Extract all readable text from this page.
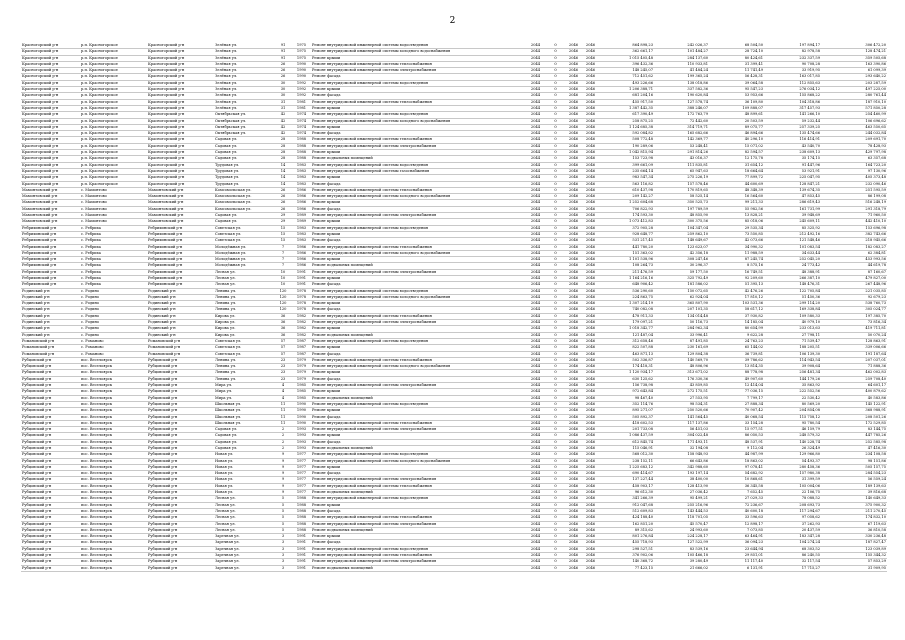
2
Красногорский р-н	р.п. Красногорское	Красногорский р-н	Зелёная ул.	91	1975	Ремонт внутридомовой инженерной системы водоотведения	2044	0	2046	2046	864 898,23	242 026,37	68 504,50	197 894,17	306 472,20
Красногорский р-н	р.п. Красногорское	Красногорский р-н	Зелёная ул.	91	1975	Ремонт внутридомовой инженерной системы холодного водоснабжения	2044	0	2046	2046	362 661,17	101 484,27	28 724,10	82 978,58	128 474,21
Красногорский р-н	р.п. Красногорское	Красногорский р-н	Зелёная ул.	91	1975	Ремонт крыши	2044	0	2046	2046	1 015 405,48	284 137,60	80 424,61	232 337,59	359 505,68
Красногорский р-н	р.п. Красногорское	Красногорский р-н	Зелёная ул.	26	1990	Ремонт внутридомовой инженерной системы теплоснабжения	2044	0	2046	2046	396 432,36	110 933,81	31 399,41	90 708,28	163 390,86
Красногорский р-н	р.п. Красногорское	Красногорский р-н	Зелёная ул.	26	1990	Ремонт внутридомовой инженерной системы электроснабжения	2044	0	2046	2046	148 245,07	41 484,24	11 741,49	33 919,95	61 099,39
Красногорский р-н	р.п. Красногорское	Красногорский р-н	Зелёная ул.	26	1990	Ремонт фасада	2044	0	2046	2046	712 451,62	199 365,24	56 428,31	163 017,85	293 640,22
Красногорский р-н	р.п. Красногорское	Красногорский р-н	Зелёная ул.	30	1992	Ремонт внутридомовой инженерной системы водоотведения	2044	0	2046	2046	493 226,66	138 018,86	39 064,58	112 855,63	203 287,59
Красногорский р-н	р.п. Красногорское	Красногорский р-н	Зелёная ул.	30	1992	Ремонт крыши	2044	0	2046	2046	1 206 388,71	337 582,36	95 547,23	276 034,12	497 225,00
Красногорский р-н	р.п. Красногорское	Красногорский р-н	Зелёная ул.	30	1992	Ремонт фасада	2044	0	2046	2046	681 204,16	190 620,84	53 953,66	155 868,22	280 761,44
Красногорский р-н	р.п. Красногорское	Красногорский р-н	Зелёная ул.	31	1981	Ремонт внутридомовой инженерной системы теплоснабжения	2044	0	2046	2046	455 917,50	127 578,74	36 109,80	104 318,86	187 910,10
Красногорский р-н	р.п. Красногорское	Красногорский р-н	Зелёная ул.	31	1981	Ремонт крыши	2044	0	2046	2046	1 387 442,35	388 246,07	109 888,07	317 457,93	571 850,28
Красногорский р-н	р.п. Красногорское	Красногорский р-н	Октябрьская ул.	42	1974	Ремонт внутридомовой инженерной системы водоотведения	2044	0	2046	2046	617 390,49	172 763,79	48 899,61	141 266,10	254 460,99
Красногорский р-н	р.п. Красногорское	Красногорский р-н	Октябрьская ул.	42	1974	Ремонт внутридомовой инженерной системы холодного водоснабжения	2044	0	2046	2046	258 875,25	72 442,60	20 503,59	59 232,44	106 696,62
Красногорский р-н	р.п. Красногорское	Красногорский р-н	Октябрьская ул.	42	1974	Ремонт крыши	2044	0	2046	2046	1 124 685,38	314 719,71	89 075,77	257 339,25	463 550,65
Красногорский р-н	р.п. Красногорское	Красногорский р-н	Октябрьская ул.	42	1974	Ремонт фасада	2044	0	2046	2046	592 084,82	165 682,66	46 894,66	135 474,66	244 032,84
Красногорский р-н	р.п. Красногорское	Красногорский р-н	Садовая ул.	28	1988	Ремонт внутридомовой инженерной системы теплоснабжения	2044	0	2046	2046	508 772,48	142 369,77	40 296,10	116 414,91	209 691,70
Красногорский р-н	р.п. Красногорское	Красногорский р-н	Садовая ул.	28	1988	Ремонт внутридомовой инженерной системы электроснабжения	2044	0	2046	2046	190 289,06	53 248,41	15 071,02	43 540,70	78 428,93
Красногорский р-н	р.п. Красногорское	Красногорский р-н	Садовая ул.	28	1988	Ремонт крыши	2044	0	2046	2046	1 042 815,94	291 814,26	82 594,57	238 609,13	429 797,98
Красногорский р-н	р.п. Красногорское	Красногорский р-н	Садовая ул.	28	1988	Ремонт подвальных помещений	2044	0	2046	2046	153 723,98	43 016,37	12 175,78	35 174,15	63 357,68
Красногорский р-н	р.п. Красногорское	Красногорский р-н	Трудовая ул.	14	1983	Ремонт внутридомовой инженерной системы водоотведения	2044	0	2046	2046	399 661,09	111 835,81	31 654,12	91 447,96	164 723,20
Красногорский р-н	р.п. Красногорское	Красногорский р-н	Трудовая ул.	14	1983	Ремонт внутридомовой инженерной системы газоснабжения	2044	0	2046	2046	235 664,14	65 947,63	18 664,64	53 921,91	97 130,96
Красногорский р-н	р.п. Красногорское	Красногорский р-н	Трудовая ул.	14	1983	Ремонт крыши	2044	0	2046	2046	983 547,34	275 226,19	77 899,72	225 047,95	405 373,48
Красногорский р-н	р.п. Красногорское	Красногорский р-н	Трудовая ул.	14	1983	Ремонт фасада	2044	0	2046	2046	563 116,82	157 578,46	44 600,69	128 847,21	232 090,46
Мамонтовский р-н	с. Мамонтово	Мамонтовский р-н	Комсомольская ул.	26	1986	Ремонт внутридомовой инженерной системы теплоснабжения	2044	0	2046	2046	610 437,98	170 819,65	48 348,39	139 674,35	251 595,59
Мамонтовский р-н	с. Мамонтово	Мамонтовский р-н	Комсомольская ул.	26	1986	Ремонт внутридомовой инженерной системы холодного водоснабжения	2044	0	2046	2046	209 142,27	58 525,14	16 564,60	47 853,45	86 199,08
Мамонтовский р-н	с. Мамонтово	Мамонтовский р-н	Комсомольская ул.	26	1986	Ремонт крыши	2044	0	2046	2046	1 252 604,68	350 525,73	99 211,33	286 619,43	516 248,19
Мамонтовский р-н	с. Мамонтово	Мамонтовский р-н	Комсомольская ул.	26	1986	Ремонт фасада	2044	0	2046	2046	706 822,93	197 789,59	55 982,56	161 731,99	291 318,79
Мамонтовский р-н	с. Мамонтово	Мамонтовский р-н	Садовая ул.	29	1989	Ремонт внутридомовой инженерной системы электроснабжения	2044	0	2046	2046	174 593,30	48 855,90	13 828,21	39 948,69	71 960,50
Мамонтовский р-н	с. Мамонтово	Мамонтовский р-н	Садовая ул.	29	1989	Ремонт крыши	2044	0	2046	2046	1 073 412,83	300 375,56	85 018,06	245 609,11	442 410,10
Ребрихинский р-н	с. Ребриха	Ребрихинский р-н	Советская ул.	15	1983	Ремонт внутридомовой инженерной системы водоотведения	2044	0	2046	2046	372 905,28	104 347,04	29 535,34	85 325,92	153 696,98
Ребрихинский р-н	с. Ребриха	Ребрихинский р-н	Советская ул.	15	1983	Ремонт крыши	2044	0	2046	2046	928 648,77	259 862,10	73 550,85	212 492,16	382 743,66
Ребрихинский р-н	с. Ребриха	Ребрихинский р-н	Советская ул.	15	1983	Ремонт фасада	2044	0	2046	2046	531 217,45	148 649,67	42 073,66	121 548,46	218 945,66
Ребрихинский р-н	с. Ребриха	Ребрихинский р-н	Молодёжная ул.	7	1986	Ремонт внутридомовой инженерной системы теплоснабжения	2044	0	2046	2046	441 780,20	123 623,07	34 990,32	101 083,54	182 083,27
Ребрихинский р-н	с. Ребриха	Ребрихинский р-н	Молодёжная ул.	7	1986	Ремонт внутридомовой инженерной системы холодного водоснабжения	2044	0	2046	2046	151 363,02	42 356,18	11 988,59	34 633,44	62 384,81
Ребрихинский р-н	с. Ребриха	Ребрихинский р-н	Молодёжная ул.	7	1986	Ремонт крыши	2044	0	2046	2046	1 101 538,96	308 247,46	87 245,74	252 045,20	453 993,56
Ребрихинский р-н	с. Ребриха	Ребрихинский р-н	Молодёжная ул.	7	1986	Ремонт подвальных помещений	2044	0	2046	2046	108 264,73	30 296,37	8 575,16	24 773,42	44 619,78
Ребрихинский р-н	с. Ребриха	Ребрихинский р-н	Лесная ул.	10	1991	Ремонт внутридомовой инженерной системы электроснабжения	2044	0	2046	2046	211 476,59	59 177,50	16 749,51	48 388,91	87 160,67
Ребрихинский р-н	с. Ребриха	Ребрихинский р-н	Лесная ул.	10	1991	Ремонт крыши	2044	0	2046	2046	1 164 216,16	325 792,49	92 209,60	266 387,10	479 827,00
Ребрихинский р-н	с. Ребриха	Ребрихинский р-н	Лесная ул.	10	1991	Ремонт фасада	2044	0	2046	2046	648 906,42	181 586,02	51 395,13	148 476,31	267 448,96
Родинский р-н	с. Родино	Родинский р-н	Ленина ул.	120	1978	Ремонт внутридомовой инженерной системы водоотведения	2044	0	2046	2046	536 290,60	150 072,65	42 476,26	122 705,84	221 035,85
Родинский р-н	с. Родино	Родинский р-н	Ленина ул.	120	1978	Ремонт внутридомовой инженерной системы холодного водоснабжения	2044	0	2046	2046	224 863,75	62 924,04	17 810,12	51 450,36	92 679,23
Родинский р-н	с. Родино	Родинский р-н	Ленина ул.	120	1978	Ремонт крыши	2044	0	2046	2046	1 307 214,19	365 807,90	103 531,36	299 114,20	538 760,73
Родинский р-н	с. Родино	Родинский р-н	Ленина ул.	120	1978	Ремонт фасада	2044	0	2046	2046	740 082,08	207 101,35	58 617,12	169 338,84	305 024,77
Родинский р-н	с. Родино	Родинский р-н	Кирова ул.	36	1982	Ремонт внутридомовой инженерной системы теплоснабжения	2044	0	2046	2046	478 911,33	134 014,48	37 930,82	109 580,33	197 385,70
Родинский р-н	с. Родино	Родинский р-н	Кирова ул.	36	1982	Ремонт внутридомовой инженерной системы электроснабжения	2044	0	2046	2046	179 097,21	50 116,73	14 185,04	40 979,10	73 816,34
Родинский р-н	с. Родино	Родинский р-н	Кирова ул.	36	1982	Ремонт крыши	2044	0	2046	2046	1 018 342,77	284 962,34	80 654,99	233 013,63	419 711,81
Родинский р-н	с. Родино	Родинский р-н	Кирова ул.	36	1982	Ремонт подвальных помещений	2044	0	2046	2046	121 487,04	33 996,41	9 622,28	27 798,11	50 070,24
Романовский р-н	с. Романово	Романовский р-н	Советская ул.	57	1987	Ремонт внутридомовой инженерной системы водоотведения	2044	0	2046	2046	312 658,46	87 491,85	24 763,23	71 539,47	128 863,91
Романовский р-н	с. Романово	Романовский р-н	Советская ул.	57	1987	Ремонт крыши	2044	0	2046	2046	822 507,88	230 161,69	65 144,02	188 205,51	339 006,66
Романовский р-н	с. Романово	Романовский р-н	Советская ул.	57	1987	Ремонт фасада	2044	0	2046	2046	463 871,13	129 804,38	36 739,81	106 139,30	191 187,64
Рубцовский р-н	пос. Веселоярск	Рубцовский р-н	Ленина ул.	23	1979	Ремонт внутридомовой инженерной системы теплоснабжения	2044	0	2046	2046	502 336,87	140 569,70	39 786,62	114 943,54	207 037,01
Рубцовский р-н	пос. Веселоярск	Рубцовский р-н	Ленина ул.	23	1979	Ремонт внутридомовой инженерной системы холодного водоснабжения	2044	0	2046	2046	174 418,31	48 806,96	13 814,35	39 908,64	71 888,36
Рубцовский р-н	пос. Веселоярск	Рубцовский р-н	Ленина ул.	23	1979	Ремонт крыши	2044	0	2046	2046	1 120 934,17	313 671,02	88 778,98	256 481,34	462 002,83
Рубцовский р-н	пос. Веселоярск	Рубцовский р-н	Ленина ул.	23	1979	Ремонт фасада	2044	0	2046	2046	630 125,62	176 330,36	49 907,60	144 179,26	259 708,40
Рубцовский р-н	пос. Веселоярск	Рубцовский р-н	Мира ул.	4	1985	Ремонт внутридомовой инженерной системы электроснабжения	2044	0	2046	2046	156 738,98	43 859,85	12 414,04	35 863,92	64 601,17
Рубцовский р-н	пос. Веселоярск	Рубцовский р-н	Мира ул.	4	1985	Ремонт крыши	2044	0	2046	2046	972 643,84	272 175,51	77 036,15	222 552,56	400 879,62
Рубцовский р-н	пос. Веселоярск	Рубцовский р-н	Мира ул.	4	1985	Ремонт подвальных помещений	2044	0	2046	2046	98 467,40	27 553,95	7 799,17	22 530,42	40 583,86
Рубцовский р-н	пос. Веселоярск	Рубцовский р-н	Школьная ул.	11	1990	Ремонт внутридомовой инженерной системы водоотведения	2044	0	2046	2046	352 114,76	98 534,31	27 888,34	80 569,20	145 122,91
Рубцовский р-н	пос. Веселоярск	Рубцовский р-н	Школьная ул.	11	1990	Ремонт крыши	2044	0	2046	2046	895 271,07	250 520,66	70 907,42	204 854,08	368 988,91
Рубцовский р-н	пос. Веселоярск	Рубцовский р-н	Школьная ул.	11	1990	Ремонт фасада	2044	0	2046	2046	505 892,37	141 564,45	40 068,54	115 758,12	208 501,26
Рубцовский р-н	пос. Веселоярск	Рубцовский р-н	Школьная ул.	11	1990	Ремонт внутридомовой инженерной системы теплоснабжения	2044	0	2046	2046	418 602,53	117 137,86	33 154,28	95 780,54	172 529,85
Рубцовский р-н	пос. Веселоярск	Рубцовский р-н	Садовая ул.	2	1993	Ремонт внутридомовой инженерной системы электроснабжения	2044	0	2046	2046	201 733,08	56 451,03	15 977,51	46 159,79	83 144,75
Рубцовский р-н	пос. Веселоярск	Рубцовский р-н	Садовая ул.	2	1993	Ремонт крыши	2044	0	2046	2046	1 086 437,59	304 022,48	86 050,53	248 579,32	447 785,26
Рубцовский р-н	пос. Веселоярск	Рубцовский р-н	Садовая ул.	2	1993	Ремонт фасада	2044	0	2046	2046	612 845,74	171 493,11	48 537,91	140 228,74	252 585,98
Рубцовский р-н	пос. Веселоярск	Рубцовский р-н	Садовая ул.	2	1993	Ремонт подвальных помещений	2044	0	2046	2046	115 046,91	32 194,08	9 112,04	26 324,49	47 416,30
Рубцовский р-н	пос. Веселоярск	Рубцовский р-н	Новая ул.	9	1977	Ремонт внутридомовой инженерной системы водоотведения	2044	0	2046	2046	568 012,30	158 948,93	44 987,99	129 966,80	234 108,58
Рубцовский р-н	пос. Веселоярск	Рубцовский р-н	Новая ул.	9	1977	Ремонт внутридомовой инженерной системы холодного водоснабжения	2044	0	2046	2046	238 152,11	66 643,86	18 863,02	54 493,37	98 151,86
Рубцовский р-н	пос. Веселоярск	Рубцовский р-н	Новая ул.	9	1977	Ремонт крыши	2044	0	2046	2046	1 225 683,12	342 988,60	97 078,41	280 458,36	505 157,75
Рубцовский р-н	пос. Веселоярск	Рубцовский р-н	Новая ул.	9	1977	Ремонт фасада	2044	0	2046	2046	690 414,67	193 197,14	54 682,92	157 980,38	284 554,23
Рубцовский р-н	пос. Веселоярск	Рубцовский р-н	Новая ул.	9	1977	Ремонт внутридомовой инженерной системы электроснабжения	2044	0	2046	2046	137 227,44	38 400,00	10 868,61	31 399,59	56 559,24
Рубцовский р-н	пос. Веселоярск	Рубцовский р-н	Новая ул.	9	1977	Ремонт внутридомовой инженерной системы теплоснабжения	2044	0	2046	2046	458 903,17	128 413,90	36 345,58	105 004,06	189 139,63
Рубцовский р-н	пос. Веселоярск	Рубцовский р-н	Новая ул.	9	1977	Ремонт подвальных помещений	2044	0	2046	2046	96 612,30	27 036,42	7 652,45	22 106,75	39 816,68
Рубцовский р-н	пос. Веселоярск	Рубцовский р-н	Лесная ул.	5	1988	Ремонт внутридомовой инженерной системы водоотведения	2044	0	2046	2046	341 266,39	95 499,21	27 029,33	78 088,52	140 649,33
Рубцовский р-н	пос. Веселоярск	Рубцовский р-н	Лесная ул.	5	1988	Ремонт крыши	2044	0	2046	2046	912 047,68	255 216,96	72 236,67	208 693,73	375 900,32
Рубцовский р-н	пос. Веселоярск	Рубцовский р-н	Лесная ул.	5	1988	Ремонт фасада	2044	0	2046	2046	512 609,83	143 444,53	40 600,18	117 294,67	211 270,45
Рубцовский р-н	пос. Веселоярск	Рубцовский р-н	Лесная ул.	5	1988	Ремонт внутридомовой инженерной системы теплоснабжения	2044	0	2046	2046	424 188,40	118 701,05	33 596,63	97 058,62	174 832,10
Рубцовский р-н	пос. Веселоярск	Рубцовский р-н	Лесная ул.	5	1988	Ремонт внутридомовой инженерной системы электроснабжения	2044	0	2046	2046	162 851,20	45 570,47	12 898,17	37 262,93	67 119,63
Рубцовский р-н	пос. Веселоярск	Рубцовский р-н	Лесная ул.	5	1988	Ремонт подвальных помещений	2044	0	2046	2046	89 315,62	24 993,60	7 073,85	20 437,59	36 810,58
Рубцовский р-н	пос. Веселоярск	Рубцовский р-н	Заречная ул.	3	1991	Ремонт крыши	2044	0	2046	2046	801 276,84	224 228,17	63 464,91	183 347,28	330 236,48
Рубцовский р-н	пос. Веселоярск	Рубцовский р-н	Заречная ул.	3	1991	Ремонт фасада	2044	0	2046	2046	455 718,93	127 522,99	36 094,23	104 274,24	187 827,47
Рубцовский р-н	пос. Веселоярск	Рубцовский р-н	Заречная ул.	3	1991	Ремонт внутридомовой инженерной системы водоотведения	2044	0	2046	2046	298 527,51	83 539,16	23 644,94	68 303,52	123 039,89
Рубцовский р-н	пос. Веселоярск	Рубцовский р-н	Заречная ул.	3	1991	Ремонт внутридомовой инженерной системы теплоснабжения	2044	0	2046	2046	376 902,06	105 466,18	29 851,01	86 240,55	155 344,32
Рубцовский р-н	пос. Веселоярск	Рубцовский р-н	Заречная ул.	3	1991	Ремонт внутридомовой инженерной системы электроснабжения	2044	0	2046	2046	140 368,72	39 280,49	11 117,40	32 117,54	57 853,29
Рубцовский р-н	пос. Веселоярск	Рубцовский р-н	Заречная ул.	3	1991	Ремонт подвальных помещений	2044	0	2046	2046	77 423,15	21 666,02	6 131,91	17 715,27	31 909,95
